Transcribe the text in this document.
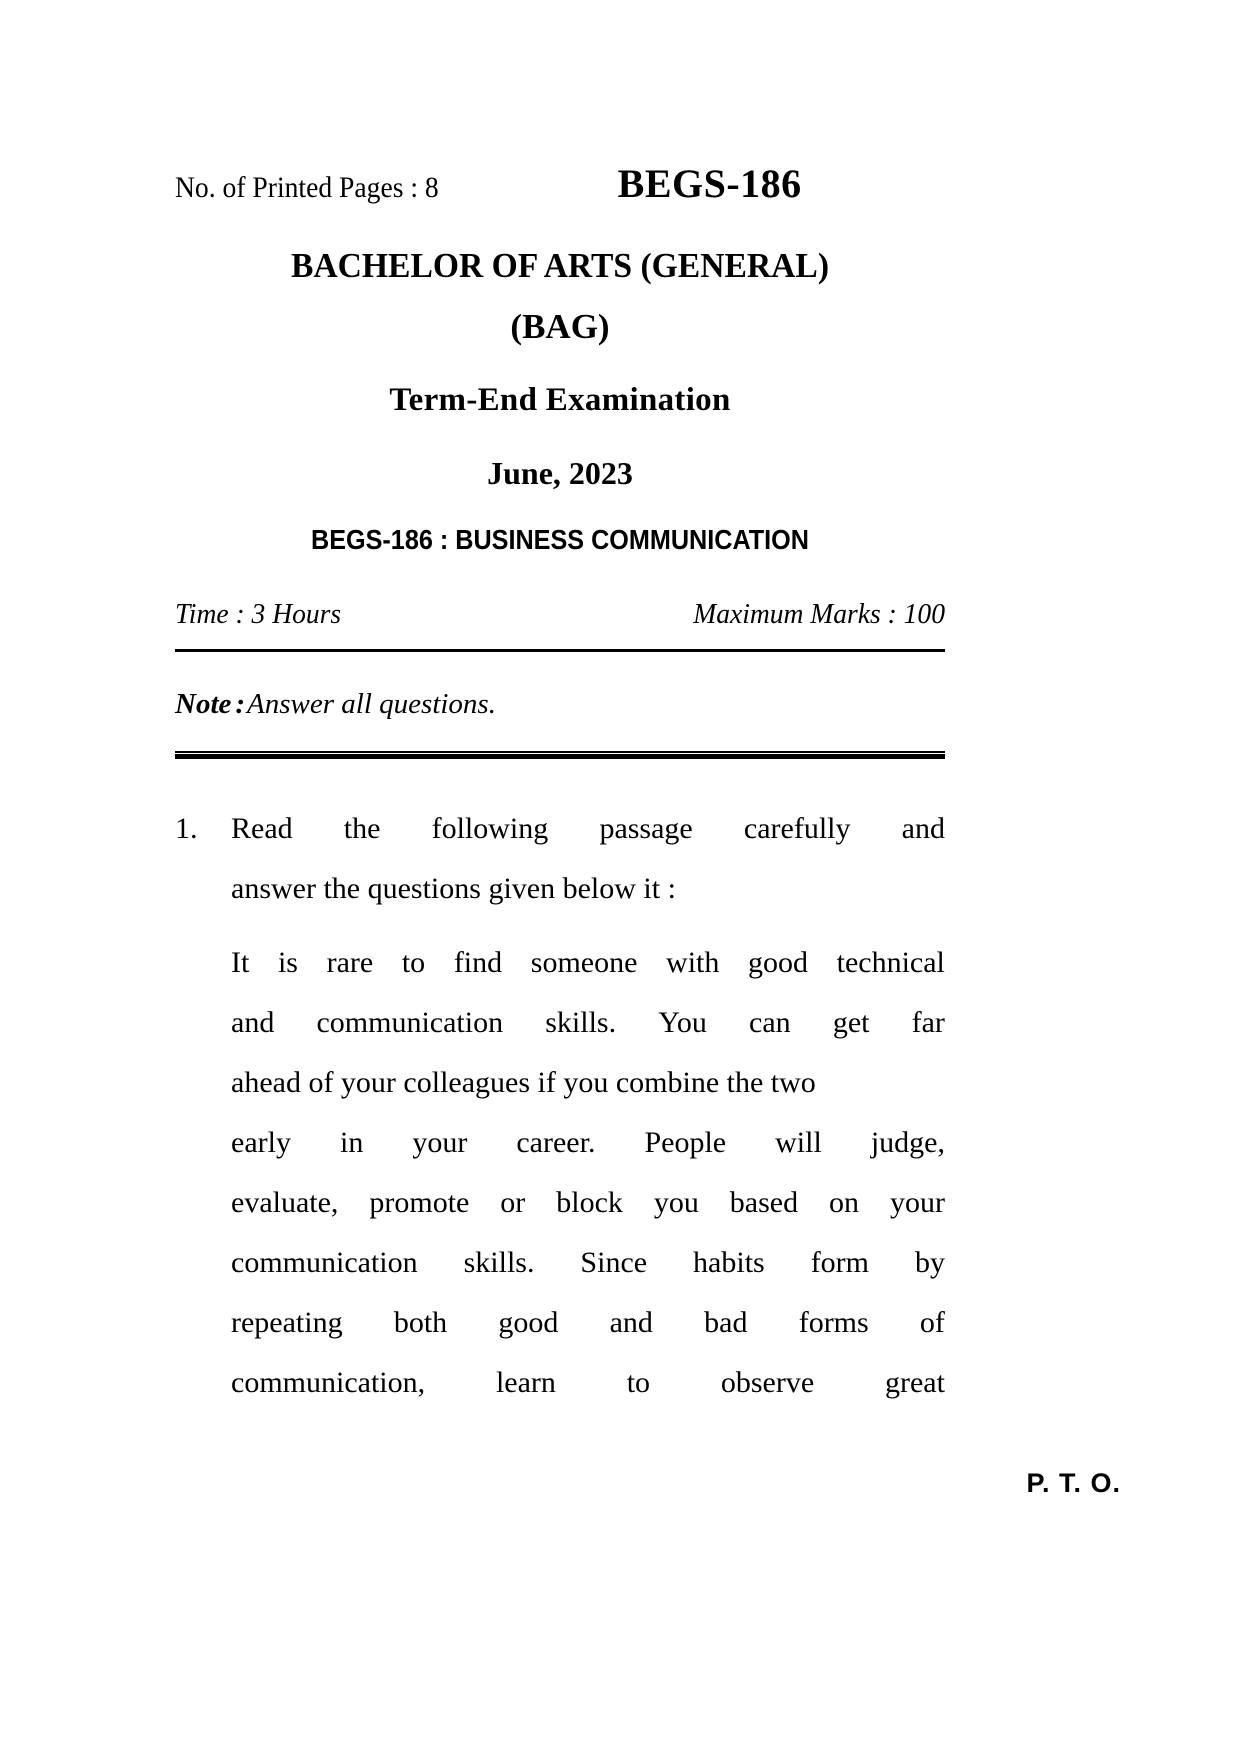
No. of Printed Pages : 8	BEGS-186
BACHELOR OF ARTS (GENERAL)
(BAG)
Term-End Examination
June, 2023
BEGS-186 : BUSINESS COMMUNICATION
Time : 3 Hours	Maximum Marks : 100
Note :Answer all questions.
1.	Read the following passage carefully and
answer the questions given below it :
It is rare to find someone with good technical
and communication skills. You can get far
ahead of your colleagues if you combine the two
early in your career. People will judge,
evaluate, promote or block you based on your
communication skills. Since habits form by
repeating both good and bad forms of
communication, learn to observe great
P. T. O.
